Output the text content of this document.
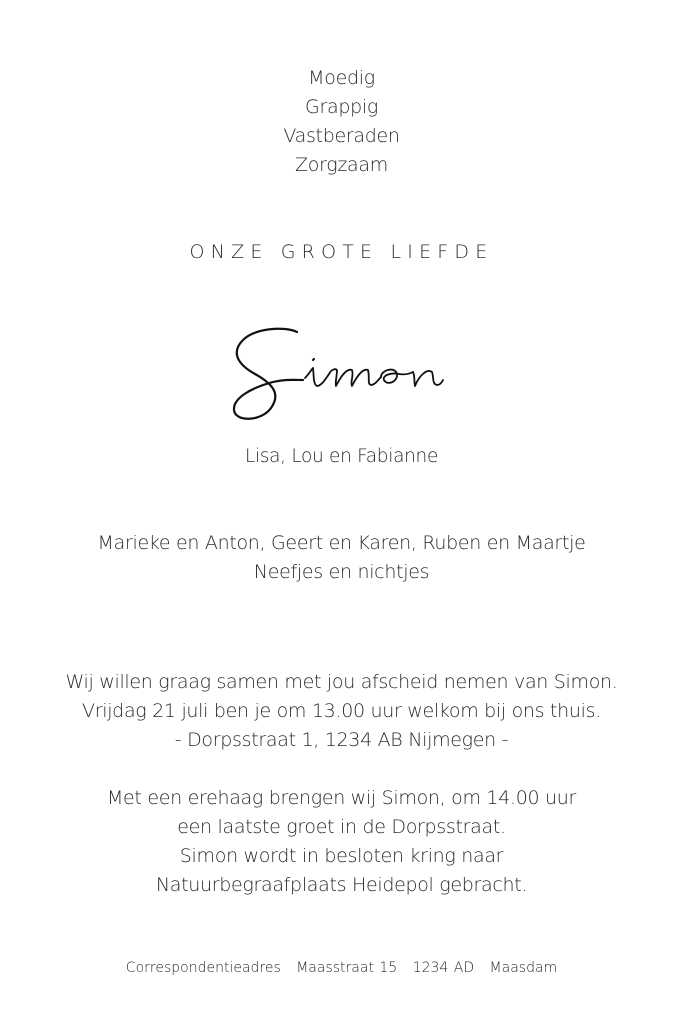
Moedig
Grappig
Vastberaden
Zorgzaam
ONZE GROTE LIEFDE
Lisa, Lou en Fabianne
Marieke en Anton, Geert en Karen, Ruben en Maartje
Neefjes en nichtjes
Wij willen graag samen met jou afscheid nemen van Simon.
Vrijdag 21 juli ben je om 13.00 uur welkom bij ons thuis.
- Dorpsstraat 1, 1234 AB Nijmegen -
Met een erehaag brengen wij Simon, om 14.00 uur
een laatste groet in de Dorpsstraat.
Simon wordt in besloten kring naar
Natuurbegraafplaats Heidepol gebracht.
Correspondentieadres Maasstraat 15 1234 AD Maasdam
